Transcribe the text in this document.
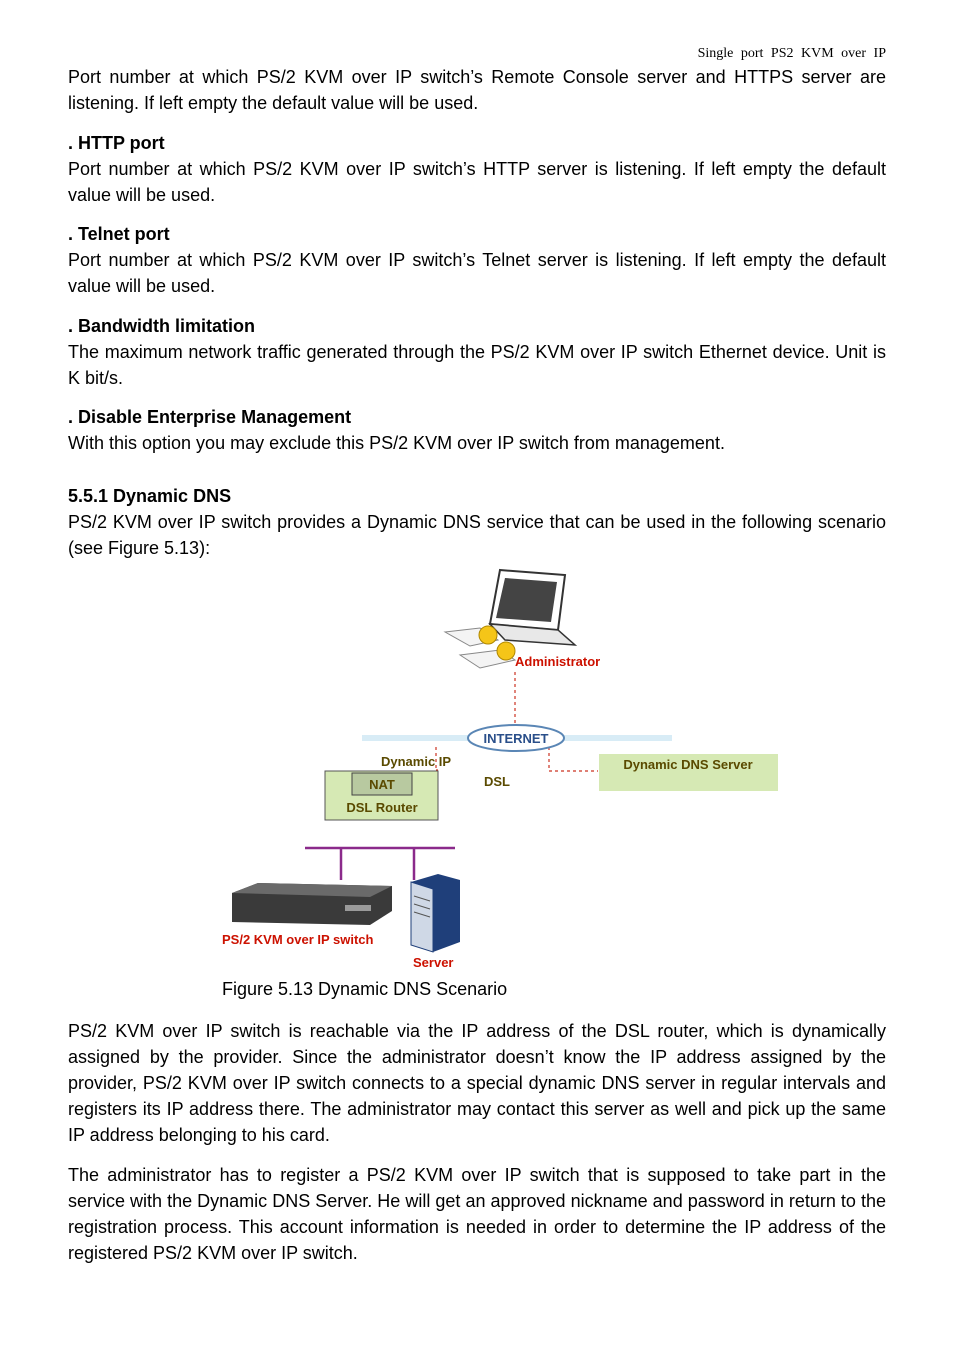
Single port PS2 KVM over IP

Port number at which PS/2 KVM over IP switch’s Remote Console server and HTTPS server are listening. If left empty the default value will be used.

. HTTP port

Port number at which PS/2 KVM over IP switch’s HTTP server is listening. If left empty the default value will be used.

. Telnet port

Port number at which PS/2 KVM over IP switch’s Telnet server is listening. If left empty the default value will be used.

. Bandwidth limitation

The maximum network traffic generated through the PS/2 KVM over IP switch Ethernet device. Unit is K bit/s.

. Disable Enterprise Management

With this option you may exclude this PS/2 KVM over IP switch from management.

5.5.1 Dynamic DNS

PS/2 KVM over IP switch provides a Dynamic DNS service that can be used in the following scenario (see Figure 5.13):

Administrator
INTERNET
Dynamic IP
DSL
Dynamic DNS Server
NAT
DSL Router
PS/2 KVM over IP switch
Server
Figure 5.13 Dynamic DNS Scenario

PS/2 KVM over IP switch is reachable via the IP address of the DSL router, which is dynamically assigned by the provider. Since the administrator doesn’t know the IP address assigned by the provider, PS/2 KVM over IP switch connects to a special dynamic DNS server in regular intervals and registers its IP address there. The administrator may contact this server as well and pick up the same IP address belonging to his card.

The administrator has to register a PS/2 KVM over IP switch that is supposed to take part in the service with the Dynamic DNS Server. He will get an approved nickname and password in return to the registration process. This account information is needed in order to determine the IP address of the registered PS/2 KVM over IP switch.
